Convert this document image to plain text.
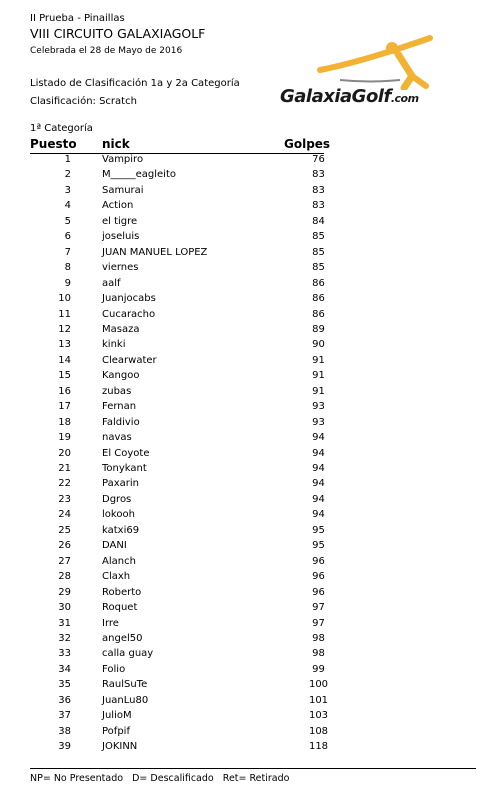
II Prueba - Pinaillas
VIII CIRCUITO GALAXIAGOLF
Celebrada el 28 de Mayo de 2016
Listado de Clasificación 1a y 2a Categoría
Clasificación: Scratch
1ª Categoría
GalaxiaGolf.com
Puesto nick	Golpes
1	Vampiro	76
2	M_____eagleito	83
3	Samurai	83
4	Action	83
5	el tigre	84
6	joseluis	85
7	JUAN MANUEL LOPEZ	85
8	viernes	85
9	aalf	86
10	Juanjocabs	86
11	Cucaracho	86
12	Masaza	89
13	kinki	90
14	Clearwater	91
15	Kangoo	91
16	zubas	91
17	Fernan	93
18	Faldivio	93
19	navas	94
20	El Coyote	94
21	Tonykant	94
22	Paxarin	94
23	Dgros	94
24	lokooh	94
25	katxi69	95
26	DANI	95
27	Alanch	96
28	Claxh	96
29	Roberto	96
30	Roquet	97
31	Irre	97
32	angel50	98
33	calla guay	98
34	Folio	99
35	RaulSuTe	100
36	JuanLu80	101
37	JulioM	103
38	Pofpif	108
39	JOKINN	118
NP= No Presentado   D= Descalificado   Ret= Retirado
